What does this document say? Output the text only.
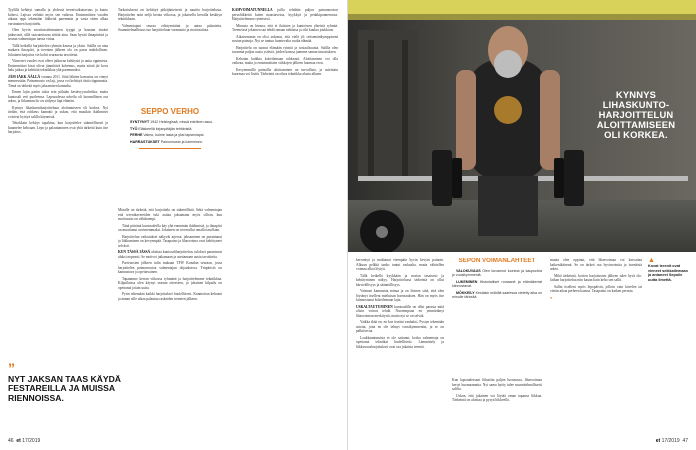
Tyylillä kehittyi samalla ja yhdessä treenivaikuttavuus ja kunto kohosi. Lajissa viehätti myös sen vaikeus. Ensimmäisen vuoden aikana oppi tekemään liikkeitä paremmin ja vasta sitten alkaa varsinainen harjoittelu.

Olen hyvin suoritussidonnainen tyyppi ja haastan itseäni jatkuvasti, sillä saavutettavaa riittää aina. Saan hyvää ilmapiiristä ja seuran valmentajan tuesta virtaa.

Tällä hetkellä harjoittelen ryhmän kanssa ja yksin. Salilla on aina mukava ilmapiiri, ja treenien jälkeen olo on paras mahdollinen. Jokainen harjoitus vie kohti seuraavaa tavoitetta.

Viimeiset vuodet ovat olleet jatkuvaa kehitystä ja uutta oppimista. Ensimmäiset kisat olivat jännittävä kokemus, mutta niistä jäi kova halu jatkaa ja kehittää tekniikkaa yhä paremmaksi.

JÄM IÄKK ÄÄLLÄ vuonna 2011. Siitä lähtien harrastus on vienyt mennessään. Painonnosto on laji, jossa voi kehittyä iästä riippumatta. Tämä on tärkeää myös jaksamisen kannalta.

Ennen lajin pariin tuloa tein pitkään kestävyysurheilua, mutta kuntosali veti puoleensa. Lapsuudessa urheilu oli luonnollinen osa arkea, ja liikunnan ilo on säilynyt läpi elämän.

Kynnys lihaskuntoharjoitteluun aloittamiseen oli korkea. Nyt tiedän, että rohkeus kannatti ja uskon, että muutkin ikäihmiset voisivat hyötyä salilla käynnistä.

Tehokkain kehitys tapahtuu, kun harjoittelee säännöllisesti ja kuuntelee kehoaan. Lepo ja palautuminen ovat yhtä tärkeitä kuin itse harjoitus.

Tarkoitukseni on kehittyä pitkäjänteisesti ja nauttia harjoittelusta. Harjoittelen noin neljä kertaa viikossa, ja jokaisella kerralla keskityn tekniikkaan.

Valmentajani seuraa edistymistäni ja antaa palautetta. Suunnitelmallisuus tuo harjoitteluun varmuutta ja motivaatiota.

SEPPO VERHO

SYNTYNYT 1942 Helsingissä, missä edelleen asuu.

TYÖ Eläkkeellä kirjanpitäjän tehtävistä.

PERHE Vaimo, kolme lasta ja yksi lapsenlapsi.

HARRASTUKSET Painonnosto ja lukeminen.

Minulle on tärkeää, että harjoittelu on säännöllistä. Sekä valmentajan että treenikavereiden tuki auttaa jaksamaan myös silloin, kun motivaatio on vähäisempi.

Tänä päivänä kuntosaleilla käy yhä enemmän ikäihmisiä, ja ilmapiiri on muuttunut avoimemmaksi. Jokainen on tervetullut omalla tasollaan.

Harjoittelun vaikutukset näkyvät arjessa: jaksaminen on parantunut ja liikkuminen on kevyempää. Tasapaino ja lihasvoima ovat kehittyneet selvästi.

KUN TÄSSÄ IÄSSÄ aloittaa kuntosaliharjoittelun, tulokset parantuvat aluksi nopeasti. Se motivoi jatkamaan ja asettamaan uusia tavoitteita.

Parivuosien jälkeen tulin mukaan TFW Konalan seuraan, jossa harjoittelen painonnostoa valmentajan ohjauksessa. Ympäristö on kannustava ja opettavainen.

Tapaamme kerran viikossa ryhmänä ja harjoittelemme tekniikkaa. Kilpailuissa olen käynyt useaan otteeseen, ja jokainen kilpailu on opettanut jotain uutta.

Pyrin tekemään kaikki harjoitukset huolellisesti. Kunnioitan kehoani ja annan sille aikaa palautua raskaiden treenien jälkeen.

KÄHVOIMATUNNELLA joilla tehdään paljon painonnoston perusliikkeitä kuten maastavetoa, kyykkyä ja penkkipunnerrusta. Harjoittelemme rytmisesti.

Minusta on hienoa, että ei ikäisten ja kuntoisten yhteisiä ryhmiä. Treeneissä jokainen saa tehdä omaan tahtiinsa ja silti kuulua joukkoon.

Aikaisemmin en olisi uskonut, että vielä yli seitsemänkymppisenä nostan painoja. Nyt se tuntuu luontevalta osalta elämää.

Harjoittelu on tuonut elämään rytmiä ja sosiaalisuutta. Salilla olen tavannut paljon uusia ystäviä, joiden kanssa jaamme saman innostuksen.

Kehotan kaikkia kokeilemaan rohkeasti. Aloittaminen voi olla vaikeaa, mutta jo ensimmäisten viikkojen jälkeen huomaa eron.

Kevyemmillä painoilla aloittaminen on turvallista, ja asteittain kuormaa voi lisätä. Tärkeintä on oikea tekniikka alusta alkaen.

”
NYT JAKSAN TAAS KÄYDÄ FESTAREILLA JA MUISSA RIENNOISSA.
46 et 17/2019
KYNNYS LIHASKUNTO-HARJOITTELUN ALOITTAMISEEN OLI KORKEA.

kerrontyä ja malttanut eteenpäin hyvin kevyin painoin. Alkuun pelkkä tanko tuntui raskaalta, mutta vähitellen voimaa alkoi löytyä.

Tällä hetkellä kyykkään ja nostan tasaisesti ja kehittyminen näkyy. Harjoittelussa tärkeintä on ollut kärsivällisyys ja säännöllisyys.

Vaimoni kannustaa minua ja on iloinen siitä, että olen löytänyt itselleni mieluisan harrastuksen. Hän on myös itse kiinnostunut kokeilemaan lajia.

USKALTAUTUMINEN kuntosalille on ollut parasta mitä olisin voinut tehdä. Nuorempana en ymmärtänyt lihasvoiman merkitystä, mutta nyt se on selvää.

Vaikka ikää on, en koe itseäni vanhaksi. Pystyn tekemään asioita, joita en ole tehnyt vuosikymmeniin, ja se on palkitsevaa.

Loukkaantumisia ei ole sattunut, koska valmentaja on opettanut tekniikat huolellisesti. Lämmittely ja liikkuvuusharjoitukset ovat osa jokaista treeniä.

SEPON VOIMANLÄHTEET

VALOKUVAUS Olen kuvannut luontoa ja kaupunkia jo vuosikymmeniä.

LUKEMINEN Historialliset romaanit ja elämäkerrat kiinnostavat.

MÖKKEILY Kesäisin mökillä saaressa vietetty aika on minulle tärkeää.

Kun lapsuudessani liikuttiin paljon luonnossa, lihasvoimaa kertyi huomaamatta. Nyt sama hyöty tulee suunnitelmallisesti salilta.

Uskon, että jokainen voi löytää oman tapansa liikkua. Tärkeintä on aloittaa ja pysyä liikkeellä.

muuta olen oppinut, että lihasvoimaa voi kasvattaa kaikenikäisenä. Se on tärkeä osa hyvinvointia ja itsenäistä arkea.

Mikä tärkeintä, kovien harjoitusten jälkeen tulee hyvä olo. Jatkan harjoittelua niin kauan kuin keho sen sallii.

Sallin itselleni myös lepopäiviä, jolloin vain kävelen tai vietän aikaa perheen kanssa. Tasapaino on kaiken perusta.

●

▲
Kovat treenit ovat vieneet seikkailemaan ja antaneet Sepolle uutta ilmettä.
et 17/2019 47
